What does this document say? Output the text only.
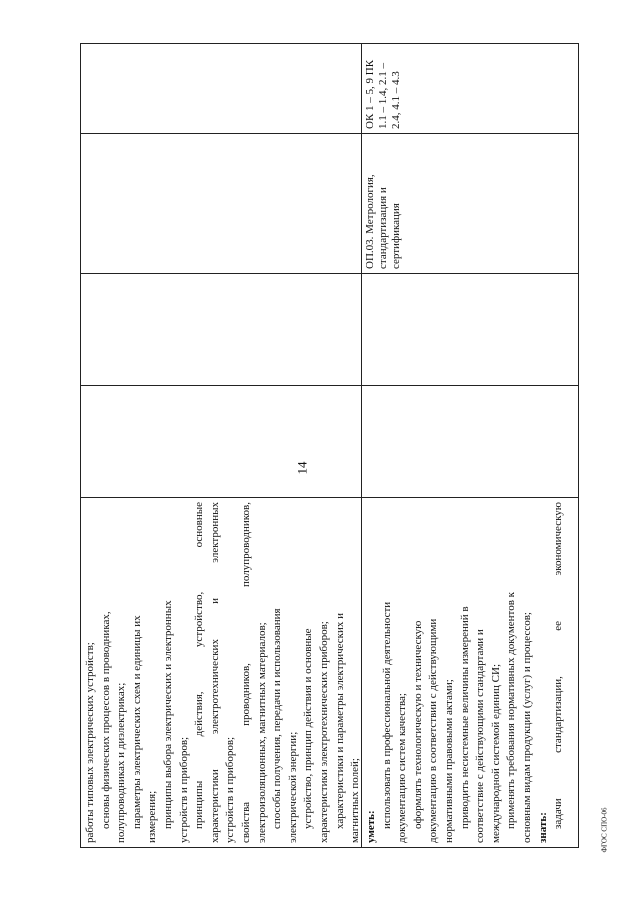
14
ФГОС СПО-06
работы типовых электрических устройств; основы физических процессов в проводниках, полупроводниках и диэлектриках; параметры электрических схем и единицы их измерения; принципы выбора электрических и электронных устройств и приборов; принципы действия, устройство, основные характеристики электротехнических и электронных устройств и приборов; свойства проводников, полупроводников, электроизоляционных, магнитных материалов; способы получения, передачи и использования электрической энергии; устройство, принцип действия и основные характеристики электротехнических приборов; характеристики и параметры электрических и магнитных полей; уметь: использовать в профессиональной деятельности документацию систем качества; оформлять технологическую и техническую документацию в соответствии с действующими нормативными правовыми актами; приводить несистемные величины измерений в соответствие с действующими стандартами и международной системой единиц СИ; применять требования нормативных документов к основным видам продукции (услуг) и процессов; знать: задачи стандартизации, ее экономическую
ОП.03. Метрология, стандартизация и сертификация
ОК 1 – 5, 9 ПК 1.1 – 1.4, 2.1 – 2.4, 4.1 – 4.3
